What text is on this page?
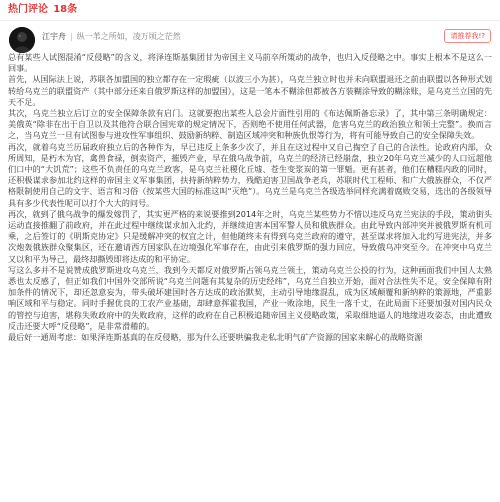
热门评论 18条
江宇舟 | 纵一苇之所如，凌万顷之茫然	请推荐我!?

总有某些人试图混淆“反侵略”的含义，将泽连斯基集团甘为帝国主义马前卒所策动的战争，也归入反侵略之中。事实上根本不是这么一回事。

首先，从国际法上说，苏联各加盟国的独立都存在一定瑕疵（以波三小为甚），乌克兰独立时也并未向联盟退还之前由联盟以各种形式划转给乌克兰的联盟资产（其中部分还来自俄罗斯这样的加盟国），这是一笔本不糊涂但都被各方装糊涂导致的糊涂账，是乌克兰立国的先天不足。

其次，乌克兰独立后订立的安全保障条款有启门。这就要抱出某些人总会片面性引用的《布达佩斯备忘录》了，其中第三条明确规定：美俄英“除非在出于自卫以及其他符合联合国宪章的规定情况下，否则绝不使用任何武器，危害乌克兰的政治独立和领土完整”。换而言之，当乌克兰一旦有试图参与进攻性军事组织、鼓励新纳粹、制造区域冲突和种族仇恨等行为，将有可能导致自己的安全保障失效。

再次，就着乌克兰历届政府独立后的各种作为，早已违反上条多少次了，并且在这过程中又自己掏空了自己的合法性。论政府内部，众所周知，是朽木为官，禽兽食禄，倒卖资产，摧毁产业，早在俄乌战争前，乌克兰的经济已经崩盘，独立20年乌克兰减少的人口远超他们口中的“大饥荒”；这些不负责任的乌克兰政客，是乌克兰社稷化丘墟、苍生变浆炭的第一罪魁。更有甚者，他们在糟糕内政的同时，还积极谋求参加北约这样的帝国主义军事集团，扶持新纳粹势力，残酷迫害卫国战争老兵，苏联时代工程师、和广大俄族群众，不仅严格限制使用自己的文字、语言和习俗（按某些大国的标准这叫“灭绝”）。乌克兰是乌克兰各级选举同样充满着腐败交易，选出的各级领导具有多少代表性呢可以打个大大的问号。

再次，就到了俄乌战争的爆发嫁罚了，其实更严格的来说要推到2014年之时，乌克兰某些势力不惜以违反乌克兰宪法的手段，策动街头运动直接推翻了前政府，并在此过程中继续谋求加入北约，并继续迫害本国军警人员和俄族群众。由此导致内部冲突并被俄罗斯有机可乘，之后签订的《明斯克协定》只是缓解冲突的权宜之计，但他随终未有得到乌克兰政府的遵守，甚至谋求将加入北约写进宪法，并多次炮轰俄族群众聚集区，还在邀请西方国家队在边境强化军事存在，由此引来俄罗斯的强力回应，导致俄乌冲突至今。在冲突中乌克兰又以和平为导己，最终却撕毁即将达成的和平协定。

写这么多并不是说赞成俄罗斯进攻乌克兰，我到今天都反对俄罗斯占领乌克兰领土，策动乌克兰公投的行为，这种画面我们中国人太熟悉也太反感了，但正如我们中国外交部所说“乌克兰问题有其复杂的历史经纬”，乌克兰自独立开始，面对合法性失不足，安全保障有附加条件的情况下，却还忽意妄为，带头破坏建国时各方达成的政治默契，主动引导地缘混乱，成为区域颠覆和新纳粹的策源地，严重影响区域和平与稳定。同时手握优良的工农产业基础，却肆意挥霍我国，产业一败涂地，民生一落千丈，在此局面下还要加强对国内民众的管控与迫害，堪称失败政府中的失败政府，这样的政府在自己积极追随帝国主义侵略政策，采取细地逼人的地缘进攻姿态，由此遭致反击还要大呼“反侵略”，是非常滑稽的。

最后好一通周考虑：如果泽连斯基真的在反侵略，那为什么还要哄骗我走私北明气矿产资源的国家来解心的战略资源
